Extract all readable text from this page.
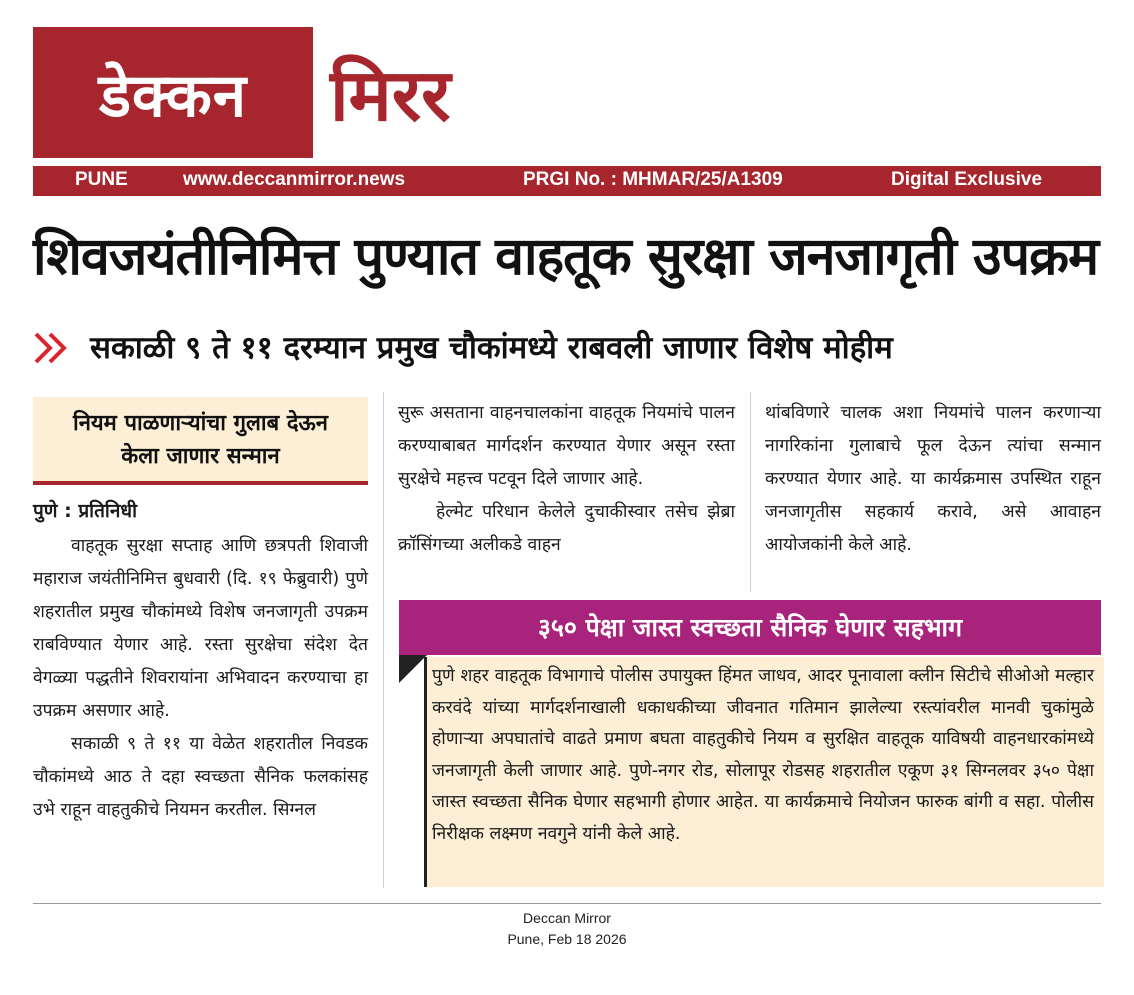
डेक्कन मिरर
PUNE	www.deccanmirror.news	PRGI No. : MHMAR/25/A1309	Digital Exclusive
शिवजयंतीनिमित्त पुण्यात वाहतूक सुरक्षा जनजागृती उपक्रम
सकाळी ९ ते ११ दरम्यान प्रमुख चौकांमध्ये राबवली जाणार विशेष मोहीम
नियम पाळणाऱ्यांचा गुलाब देऊन
केला जाणार सन्मान
पुणे : प्रतिनिधी

वाहतूक सुरक्षा सप्ताह आणि छत्रपती शिवाजी महाराज जयंतीनिमित्त बुधवारी (दि. १९ फेब्रुवारी) पुणे शहरातील प्रमुख चौकांमध्ये विशेष जनजागृती उपक्रम राबविण्यात येणार आहे. रस्ता सुरक्षेचा संदेश देत वेगळ्या पद्धतीने शिवरायांना अभिवादन करण्याचा हा उपक्रम असणार आहे.

सकाळी ९ ते ११ या वेळेत शहरातील निवडक चौकांमध्ये आठ ते दहा स्वच्छता सैनिक फलकांसह उभे राहून वाहतुकीचे नियमन करतील. सिग्नल

सुरू असताना वाहनचालकांना वाहतूक नियमांचे पालन करण्याबाबत मार्गदर्शन करण्यात येणार असून रस्ता सुरक्षेचे महत्त्व पटवून दिले जाणार आहे.

हेल्मेट परिधान केलेले दुचाकीस्वार तसेच झेब्रा क्रॉसिंगच्या अलीकडे वाहन

थांबविणारे चालक अशा नियमांचे पालन करणाऱ्या नागरिकांना गुलाबाचे फूल देऊन त्यांचा सन्मान करण्यात येणार आहे. या कार्यक्रमास उपस्थित राहून जनजागृतीस सहकार्य करावे, असे आवाहन आयोजकांनी केले आहे.

३५० पेक्षा जास्त स्वच्छता सैनिक घेणार सहभाग
पुणे शहर वाहतूक विभागाचे पोलीस उपायुक्त हिंमत जाधव, आदर पूनावाला क्लीन सिटीचे सीओओ मल्हार करवंदे यांच्या मार्गदर्शनाखाली धकाधकीच्या जीवनात गतिमान झालेल्या रस्त्यांवरील मानवी चुकांमुळे होणाऱ्या अपघातांचे वाढते प्रमाण बघता वाहतुकीचे नियम व सुरक्षित वाहतूक याविषयी वाहनधारकांमध्ये जनजागृती केली जाणार आहे. पुणे-नगर रोड, सोलापूर रोडसह शहरातील एकूण ३१ सिग्नलवर ३५० पेक्षा जास्त स्वच्छता सैनिक घेणार सहभागी होणार आहेत. या कार्यक्रमाचे नियोजन फारुक बांगी व सहा. पोलीस निरीक्षक लक्ष्मण नवगुने यांनी केले आहे.
Deccan Mirror
Pune, Feb 18 2026
